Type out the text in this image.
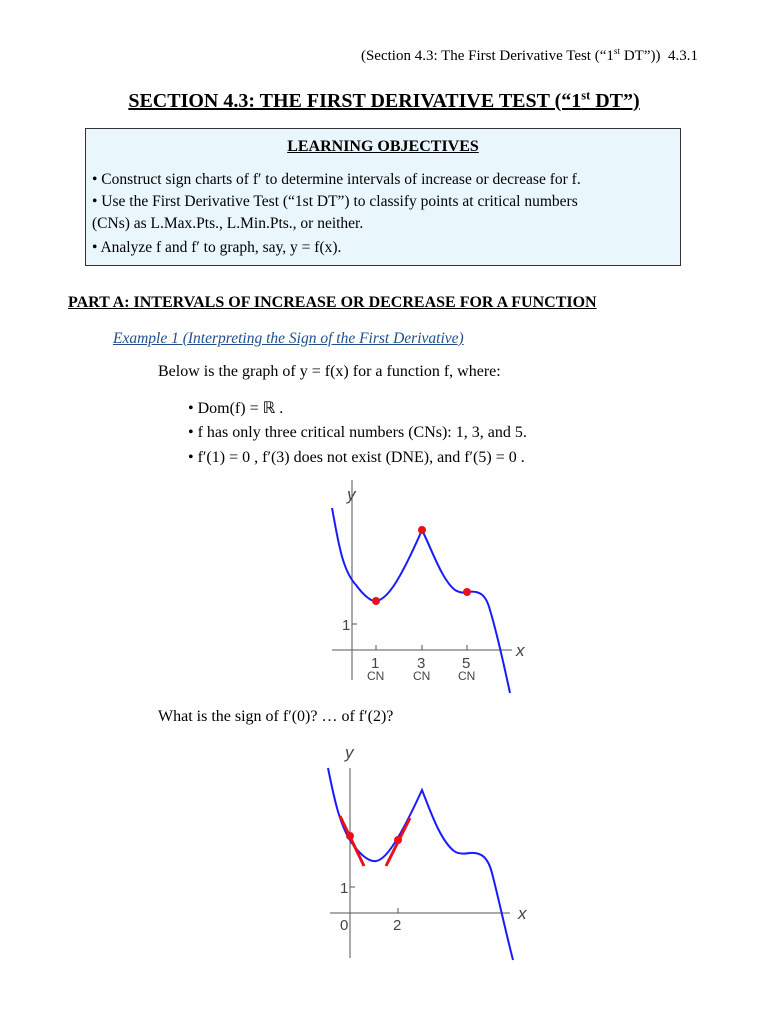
(Section 4.3: The First Derivative Test (“1st DT”))  4.3.1
SECTION 4.3: THE FIRST DERIVATIVE TEST (“1st DT”)
LEARNING OBJECTIVES
• Construct sign charts of f′ to determine intervals of increase or decrease for f.
• Use the First Derivative Test (“1st DT”) to classify points at critical numbers
(CNs) as L.Max.Pts., L.Min.Pts., or neither.
• Analyze f and f′ to graph, say, y = f(x).
PART A: INTERVALS OF INCREASE OR DECREASE FOR A FUNCTION
Example 1 (Interpreting the Sign of the First Derivative)
Below is the graph of y = f(x) for a function f, where:
• Dom(f) = ℝ .
• f has only three critical numbers (CNs): 1, 3, and 5.
• f′(1) = 0 , f′(3) does not exist (DNE), and f′(5) = 0 .
y
x
1
1	3 5
CN CN CN
What is the sign of f′(0)? … of f′(2)?
y
x
1
0	2
